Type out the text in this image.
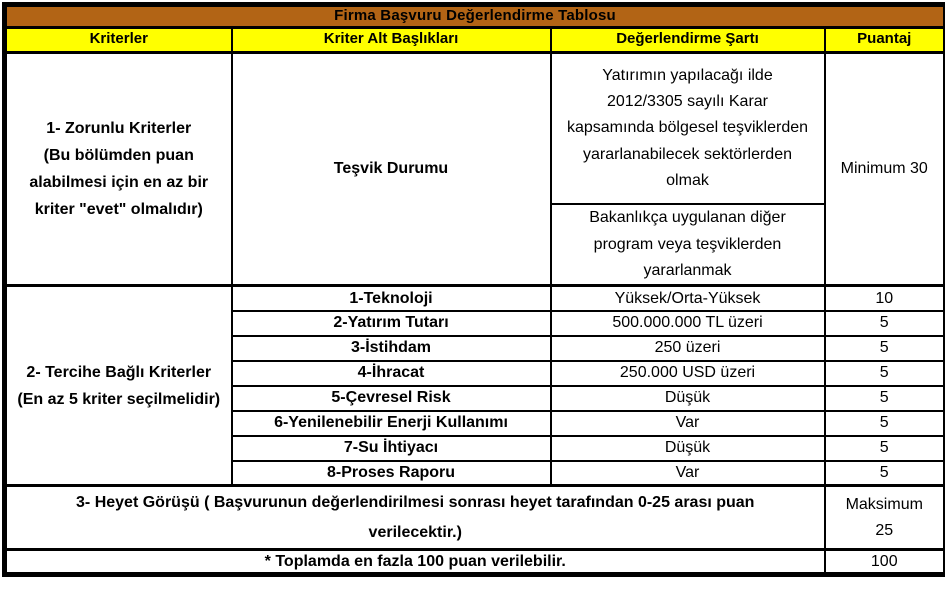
Firma Başvuru Değerlendirme Tablosu			
Kriterler	Kriter Alt Başlıkları	Değerlendirme Şartı	Puantaj

1- Zorunlu Kriterler
(Bu bölümden puan alabilmesi için en az bir kriter "evet" olmalıdır)	Teşvik Durumu	Yatırımın yapılacağı ilde 2012/3305 sayılı Karar kapsamında bölgesel teşviklerden yararlanabilecek sektörlerden olmak	Minimum 30
		Bakanlıkça uygulanan diğer program veya teşviklerden yararlanmak	

2- Tercihe Bağlı Kriterler
(En az 5 kriter seçilmelidir)	1-Teknoloji	Yüksek/Orta-Yüksek	10
	2-Yatırım Tutarı	500.000.000 TL üzeri	5
	3-İstihdam	250 üzeri	5
	4-İhracat	250.000 USD üzeri	5
	5-Çevresel Risk	Düşük	5
	6-Yenilenebilir Enerji Kullanımı	Var	5
	7-Su İhtiyacı	Düşük	5
	8-Proses Raporu	Var	5
3- Heyet Görüşü ( Başvurunun değerlendirilmesi sonrası heyet tarafından 0-25 arası puan verilecektir.)			Maksimum
25

* Toplamda en fazla 100 puan verilebilir.			100
